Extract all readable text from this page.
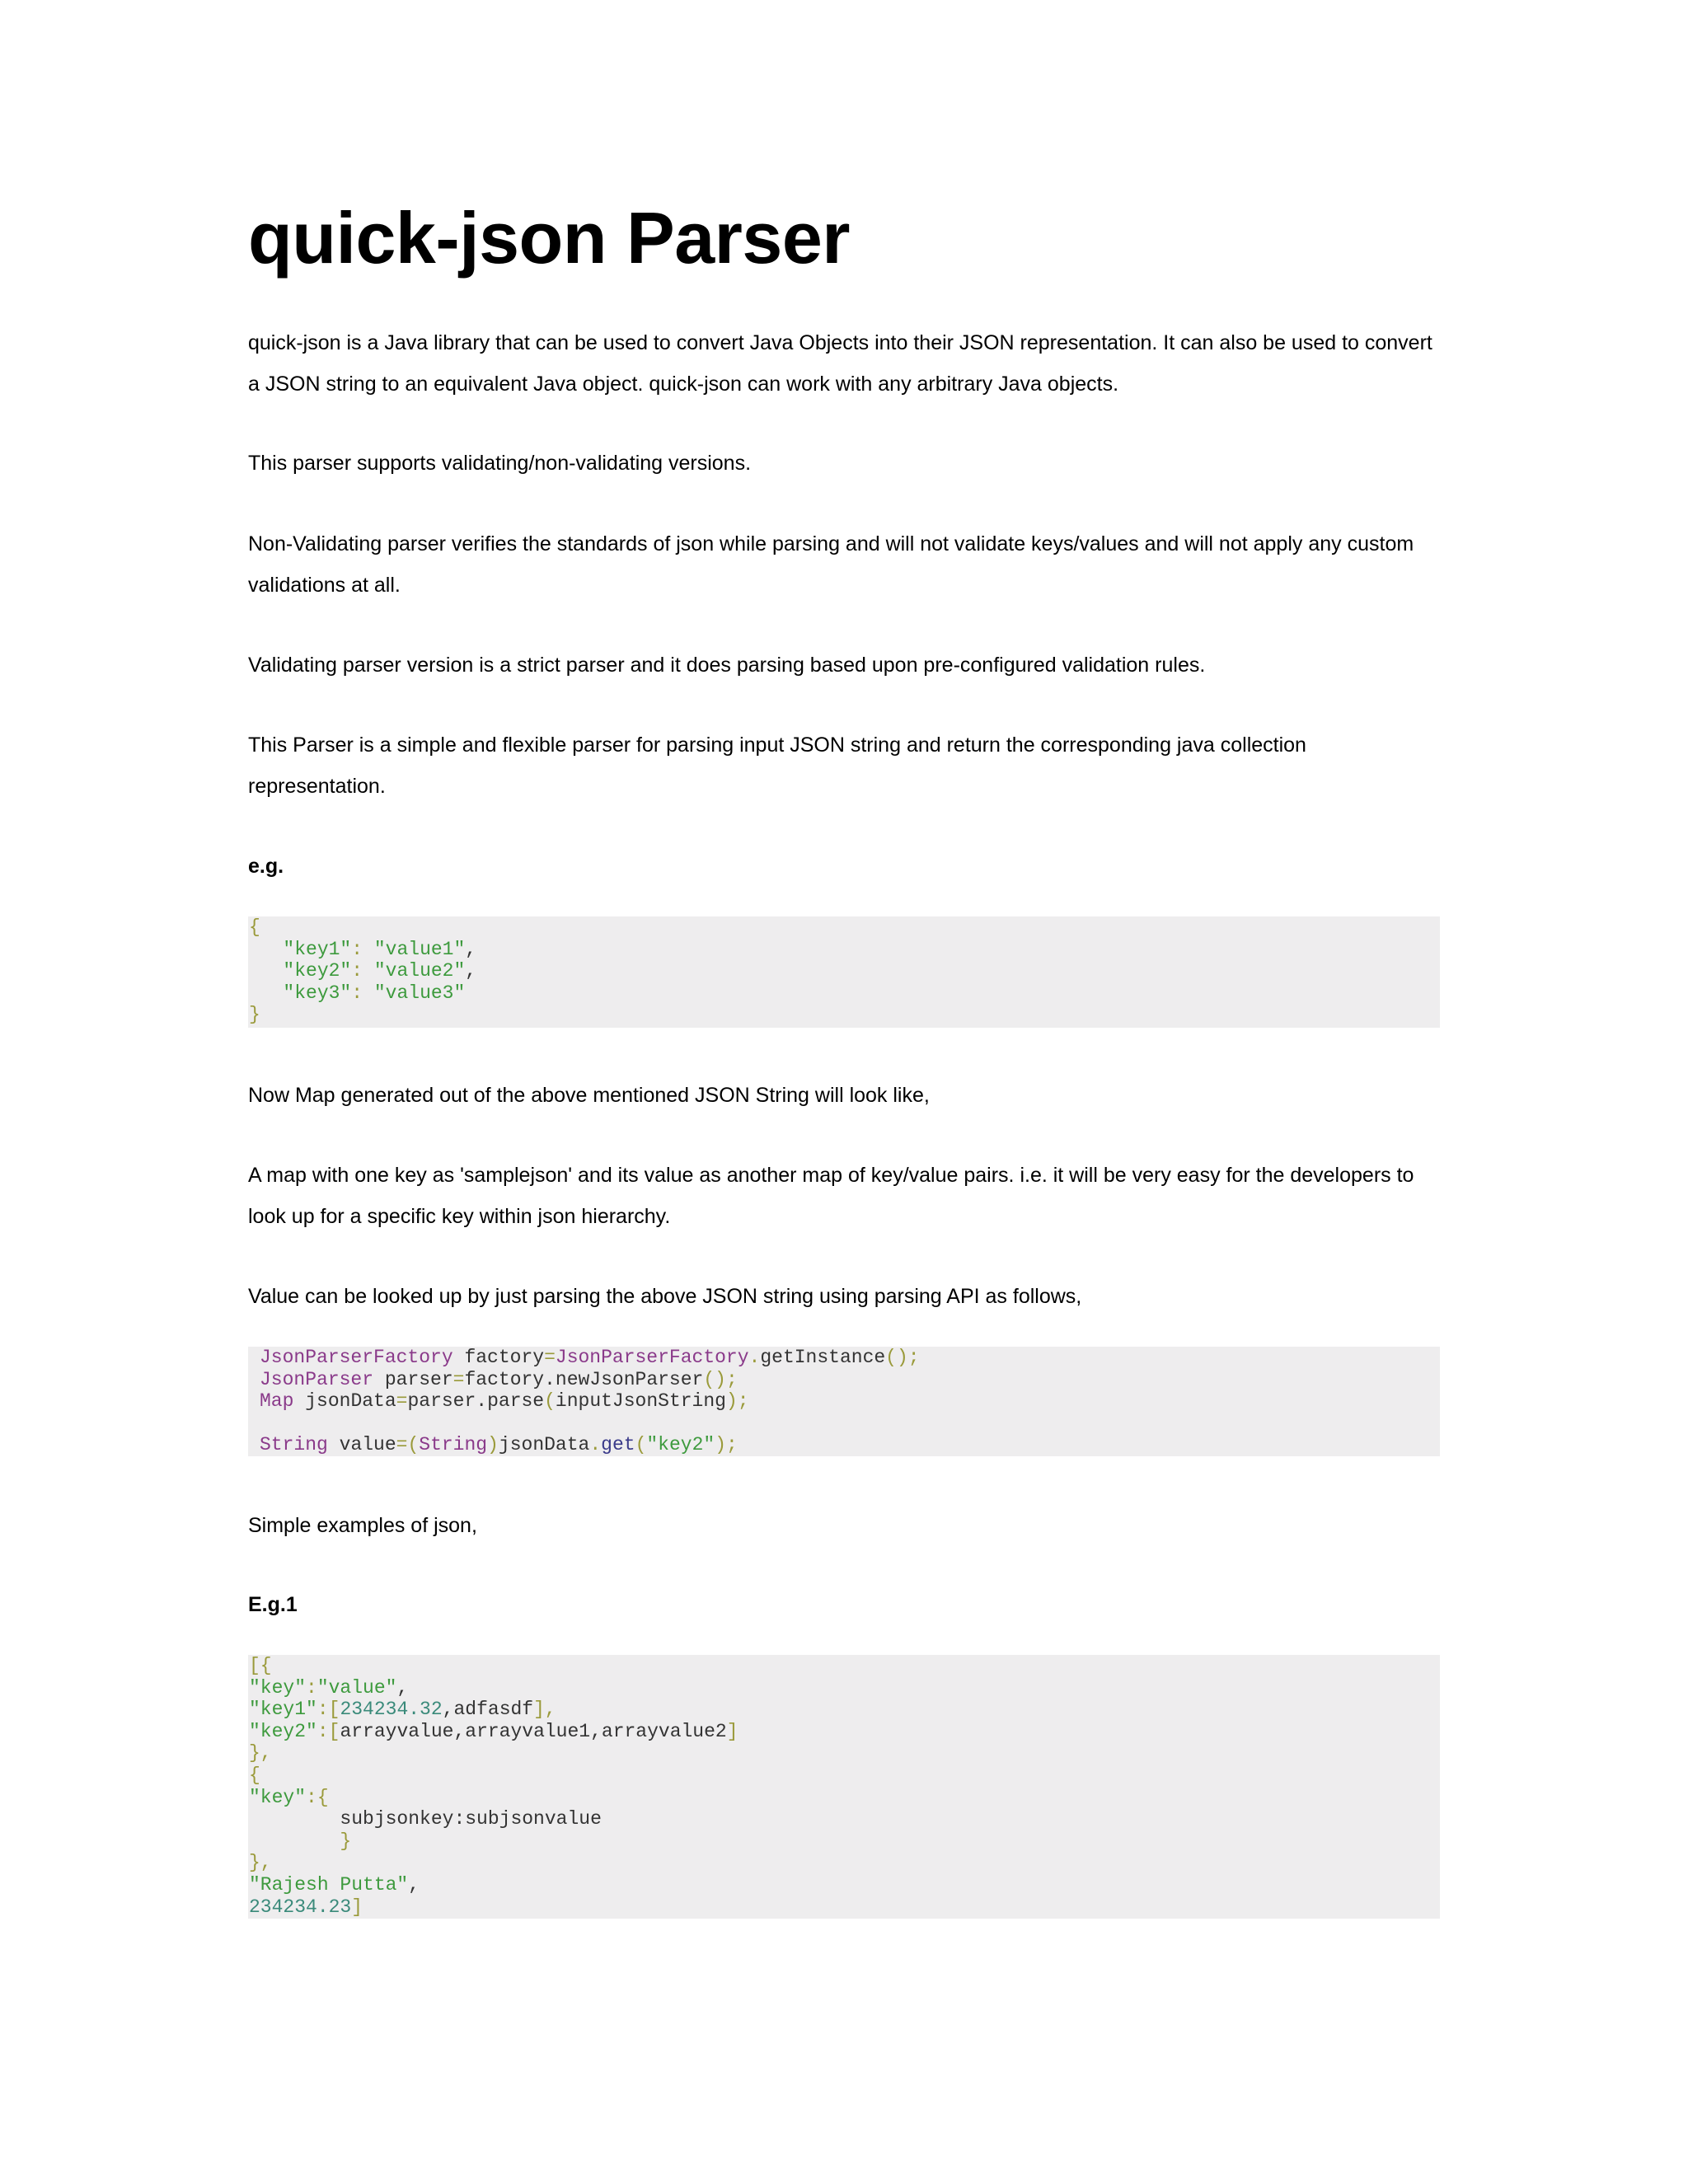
quick-json Parser
quick-json is a Java library that can be used to convert Java Objects into their JSON representation. It can also be used to convert
a JSON string to an equivalent Java object. quick-json can work with any arbitrary Java objects.
This parser supports validating/non-validating versions.
Non-Validating parser verifies the standards of json while parsing and will not validate keys/values and will not apply any custom
validations at all.
Validating parser version is a strict parser and it does parsing based upon pre-configured validation rules.
This Parser is a simple and flexible parser for parsing input JSON string and return the corresponding java collection
representation.
e.g.
{
"key1": "value1",
"key2": "value2",
"key3": "value3"
}
Now Map generated out of the above mentioned JSON String will look like,
A map with one key as 'samplejson' and its value as another map of key/value pairs. i.e. it will be very easy for the developers to
look up for a specific key within json hierarchy.
Value can be looked up by just parsing the above JSON string using parsing API as follows,
JsonParserFactory factory=JsonParserFactory.getInstance();
JsonParser parser=factory.newJsonParser();
Map jsonData=parser.parse(inputJsonString);
String value=(String)jsonData.get("key2");
Simple examples of json,
E.g.1
[{
"key":"value",
"key1":[234234.32,adfasdf],
"key2":[arrayvalue,arrayvalue1,arrayvalue2]
},
{
"key":{
subjsonkey:subjsonvalue
}
},
"Rajesh Putta",
234234.23]
